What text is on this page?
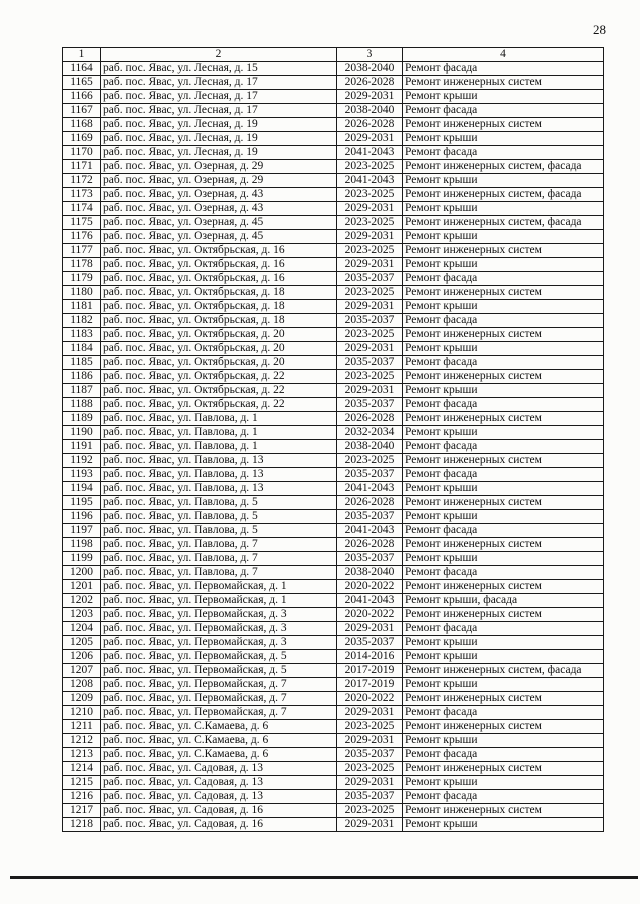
28
1	2	3	4
1164	раб. пос. Явас, ул. Лесная, д. 15	2038-2040	Ремонт фасада
1165	раб. пос. Явас, ул. Лесная, д. 17	2026-2028	Ремонт инженерных систем
1166	раб. пос. Явас, ул. Лесная, д. 17	2029-2031	Ремонт крыши
1167	раб. пос. Явас, ул. Лесная, д. 17	2038-2040	Ремонт фасада
1168	раб. пос. Явас, ул. Лесная, д. 19	2026-2028	Ремонт инженерных систем
1169	раб. пос. Явас, ул. Лесная, д. 19	2029-2031	Ремонт крыши
1170	раб. пос. Явас, ул. Лесная, д. 19	2041-2043	Ремонт фасада
1171	раб. пос. Явас, ул. Озерная, д. 29	2023-2025	Ремонт инженерных систем, фасада
1172	раб. пос. Явас, ул. Озерная, д. 29	2041-2043	Ремонт крыши
1173	раб. пос. Явас, ул. Озерная, д. 43	2023-2025	Ремонт инженерных систем, фасада
1174	раб. пос. Явас, ул. Озерная, д. 43	2029-2031	Ремонт крыши
1175	раб. пос. Явас, ул. Озерная, д. 45	2023-2025	Ремонт инженерных систем, фасада
1176	раб. пос. Явас, ул. Озерная, д. 45	2029-2031	Ремонт крыши
1177	раб. пос. Явас, ул. Октябрьская, д. 16	2023-2025	Ремонт инженерных систем
1178	раб. пос. Явас, ул. Октябрьская, д. 16	2029-2031	Ремонт крыши
1179	раб. пос. Явас, ул. Октябрьская, д. 16	2035-2037	Ремонт фасада
1180	раб. пос. Явас, ул. Октябрьская, д. 18	2023-2025	Ремонт инженерных систем
1181	раб. пос. Явас, ул. Октябрьская, д. 18	2029-2031	Ремонт крыши
1182	раб. пос. Явас, ул. Октябрьская, д. 18	2035-2037	Ремонт фасада
1183	раб. пос. Явас, ул. Октябрьская, д. 20	2023-2025	Ремонт инженерных систем
1184	раб. пос. Явас, ул. Октябрьская, д. 20	2029-2031	Ремонт крыши
1185	раб. пос. Явас, ул. Октябрьская, д. 20	2035-2037	Ремонт фасада
1186	раб. пос. Явас, ул. Октябрьская, д. 22	2023-2025	Ремонт инженерных систем
1187	раб. пос. Явас, ул. Октябрьская, д. 22	2029-2031	Ремонт крыши
1188	раб. пос. Явас, ул. Октябрьская, д. 22	2035-2037	Ремонт фасада
1189	раб. пос. Явас, ул. Павлова, д. 1	2026-2028	Ремонт инженерных систем
1190	раб. пос. Явас, ул. Павлова, д. 1	2032-2034	Ремонт крыши
1191	раб. пос. Явас, ул. Павлова, д. 1	2038-2040	Ремонт фасада
1192	раб. пос. Явас, ул. Павлова, д. 13	2023-2025	Ремонт инженерных систем
1193	раб. пос. Явас, ул. Павлова, д. 13	2035-2037	Ремонт фасада
1194	раб. пос. Явас, ул. Павлова, д. 13	2041-2043	Ремонт крыши
1195	раб. пос. Явас, ул. Павлова, д. 5	2026-2028	Ремонт инженерных систем
1196	раб. пос. Явас, ул. Павлова, д. 5	2035-2037	Ремонт крыши
1197	раб. пос. Явас, ул. Павлова, д. 5	2041-2043	Ремонт фасада
1198	раб. пос. Явас, ул. Павлова, д. 7	2026-2028	Ремонт инженерных систем
1199	раб. пос. Явас, ул. Павлова, д. 7	2035-2037	Ремонт крыши
1200	раб. пос. Явас, ул. Павлова, д. 7	2038-2040	Ремонт фасада
1201	раб. пос. Явас, ул. Первомайская, д. 1	2020-2022	Ремонт инженерных систем
1202	раб. пос. Явас, ул. Первомайская, д. 1	2041-2043	Ремонт крыши, фасада
1203	раб. пос. Явас, ул. Первомайская, д. 3	2020-2022	Ремонт инженерных систем
1204	раб. пос. Явас, ул. Первомайская, д. 3	2029-2031	Ремонт фасада
1205	раб. пос. Явас, ул. Первомайская, д. 3	2035-2037	Ремонт крыши
1206	раб. пос. Явас, ул. Первомайская, д. 5	2014-2016	Ремонт крыши
1207	раб. пос. Явас, ул. Первомайская, д. 5	2017-2019	Ремонт инженерных систем, фасада
1208	раб. пос. Явас, ул. Первомайская, д. 7	2017-2019	Ремонт крыши
1209	раб. пос. Явас, ул. Первомайская, д. 7	2020-2022	Ремонт инженерных систем
1210	раб. пос. Явас, ул. Первомайская, д. 7	2029-2031	Ремонт фасада
1211	раб. пос. Явас, ул. С.Камаева, д. 6	2023-2025	Ремонт инженерных систем
1212	раб. пос. Явас, ул. С.Камаева, д. 6	2029-2031	Ремонт крыши
1213	раб. пос. Явас, ул. С.Камаева, д. 6	2035-2037	Ремонт фасада
1214	раб. пос. Явас, ул. Садовая, д. 13	2023-2025	Ремонт инженерных систем
1215	раб. пос. Явас, ул. Садовая, д. 13	2029-2031	Ремонт крыши
1216	раб. пос. Явас, ул. Садовая, д. 13	2035-2037	Ремонт фасада
1217	раб. пос. Явас, ул. Садовая, д. 16	2023-2025	Ремонт инженерных систем
1218	раб. пос. Явас, ул. Садовая, д. 16	2029-2031	Ремонт крыши
